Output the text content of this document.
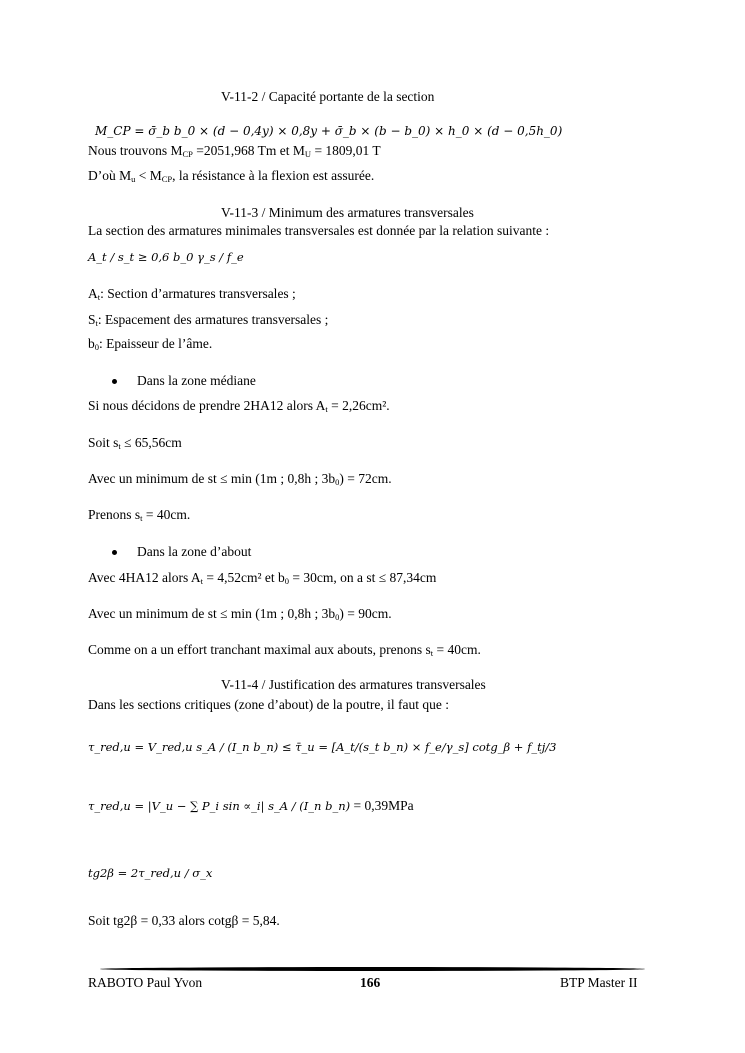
V-11-2 / Capacité portante de la section
M_CP = σ̄_b b_0 × (d − 0,4y) × 0,8y + σ̄_b × (b − b_0) × h_0 × (d − 0,5h_0)
Nous trouvons $M_{CP} =2051,968$ Tm et $M_U = 1809,01$ T
D’où $M_u < M_{CP}$, la résistance à la flexion est assurée.
V-11-3 / Minimum des armatures transversales
La section des armatures minimales transversales est donnée par la relation suivante :
A_t / s_t ≥ 0,6 b_0 γ_s / f_e
$A_t$: Section d’armatures transversales ;
$S_t$: Espacement des armatures transversales ;
$b_0$: Epaisseur de l’âme.
Dans la zone médiane
Si nous décidons de prendre 2HA12 alors $A_t = 2,26cm^2$.
Soit $s_t \le 65,56cm$
Avec un minimum de st ≤ min (1m ; 0,8h ; $3b_0) = 72cm$.
Prenons $s_t = 40cm$.
Dans la zone d’about
Avec 4HA12 alors $A_t = 4,52cm^2$ et $b_0 = 30cm$, on a st ≤ 87,34cm
Avec un minimum de st ≤ min (1m ; 0,8h ; $3b_0) = 90cm$.
Comme on a un effort tranchant maximal aux abouts, prenons $s_t = 40cm$.
V-11-4 / Justification des armatures transversales
Dans les sections critiques (zone d’about) de la poutre, il faut que :
τ_red,u = V_red,u s_A / (I_n b_n) ≤ τ̄_u = [A_t/(s_t b_n) × f_e/γ_s] cotg_β + f_tj/3
τ_red,u = |V_u − ∑ P_i sin ∝_i| s_A / (I_n b_n) = 0,39MPa
tg2β = 2τ_red,u / σ_x
Soit tg2β = 0,33 alors cotgβ = 5,84.
RABOTO Paul Yvon	166	BTP Master II
